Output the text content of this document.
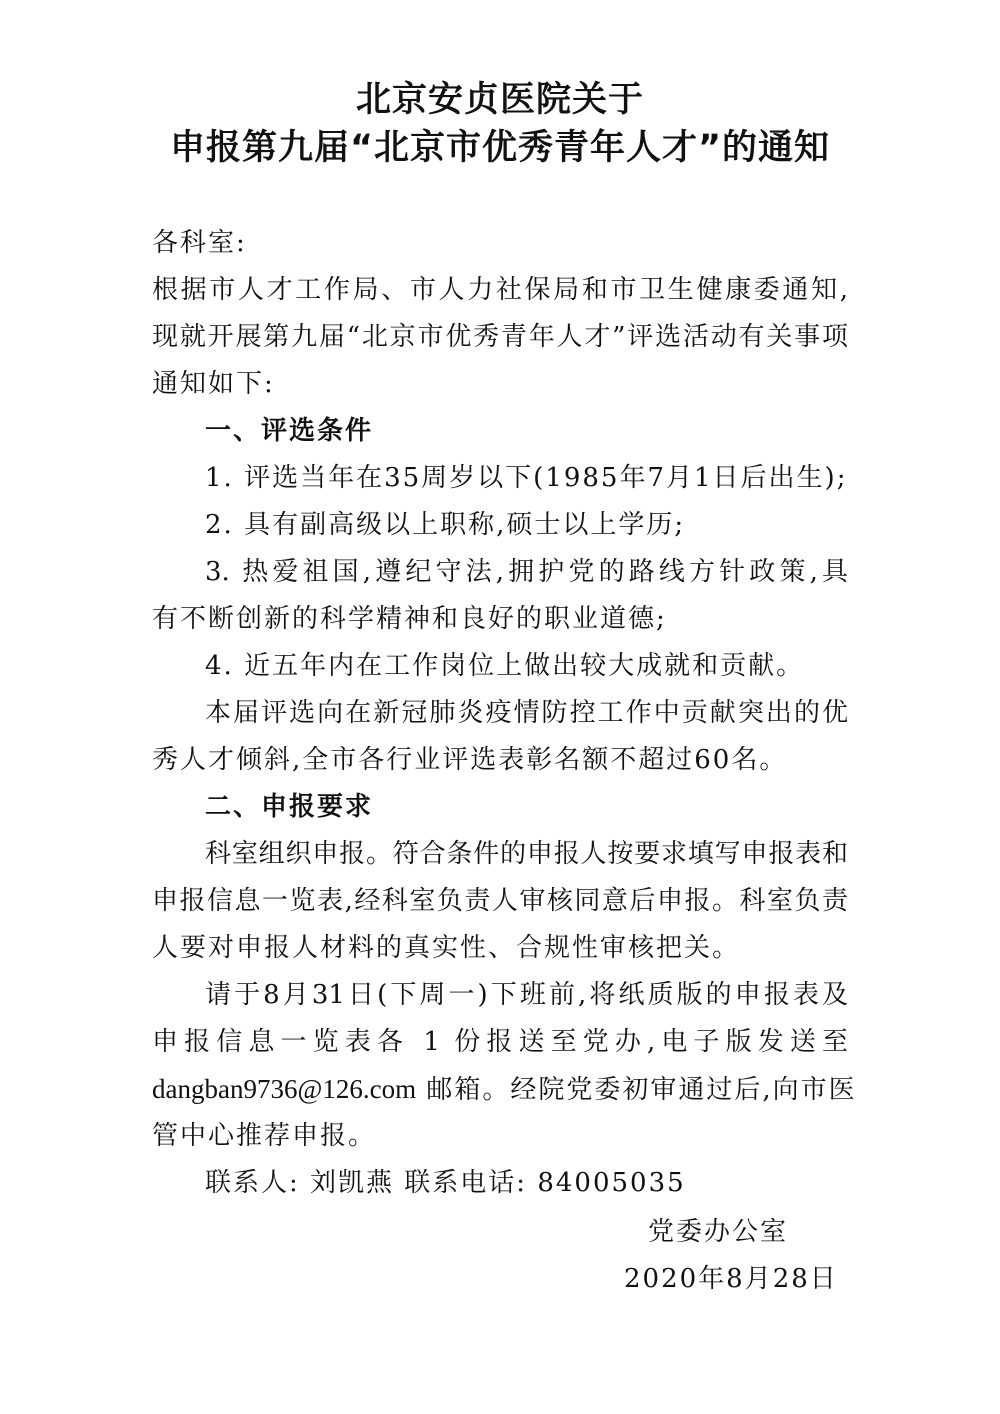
北京安贞医院关于
申报第九届“北京市优秀青年人才”的通知
各科室:
根据市人才工作局、市人力社保局和市卫生健康委通知,
现就开展第九届“北京市优秀青年人才”评选活动有关事项
通知如下:
一、评选条件
1. 评选当年在35周岁以下(1985年7月1日后出生);
2. 具有副高级以上职称,硕士以上学历;
3. 热爱祖国,遵纪守法,拥护党的路线方针政策,具
有不断创新的科学精神和良好的职业道德;
4. 近五年内在工作岗位上做出较大成就和贡献。
本届评选向在新冠肺炎疫情防控工作中贡献突出的优
秀人才倾斜,全市各行业评选表彰名额不超过60名。
二、申报要求
科室组织申报。符合条件的申报人按要求填写申报表和
申报信息一览表,经科室负责人审核同意后申报。科室负责
人要对申报人材料的真实性、合规性审核把关。
请于8月31日(下周一)下班前,将纸质版的申报表及
申报信息一览表各 1 份报送至党办,电子版发送至
dangban9736@126.com 邮箱。经院党委初审通过后,向市医
管中心推荐申报。
联系人: 刘凯燕 联系电话: 84005035
党委办公室
2020年8月28日
